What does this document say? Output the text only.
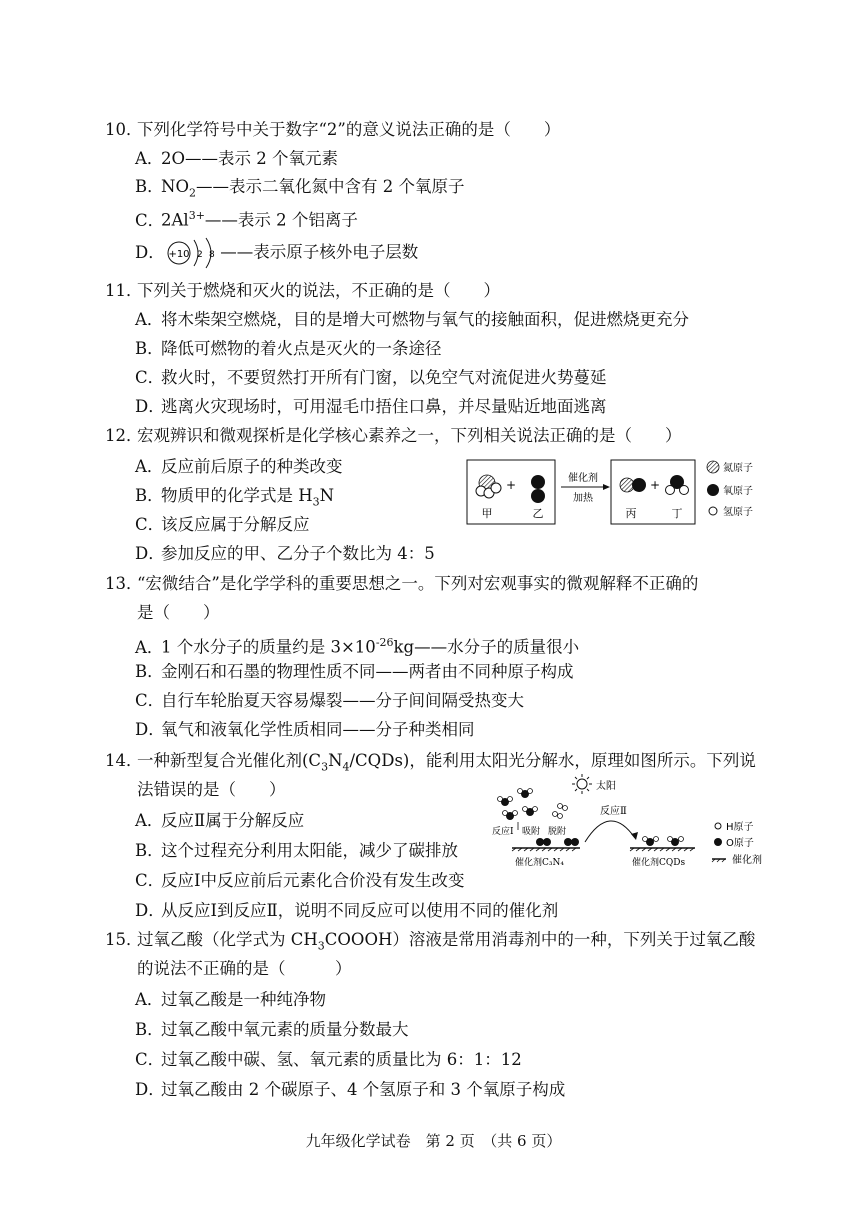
10．下列化学符号中关于数字“2”的意义说法正确的是（　　）
A．2O——表示 2 个氧元素
B．$NO_2——$表示二氧化氮中含有 2 个氧原子
C．$2Al^{3+}——$表示 2 个铝离子
D． +10 2 8 ——表示原子核外电子层数
11．下列关于燃烧和灭火的说法，不正确的是（　　）
A．将木柴架空燃烧，目的是增大可燃物与氧气的接触面积，促进燃烧更充分
B．降低可燃物的着火点是灭火的一条途径
C．救火时，不要贸然打开所有门窗，以免空气对流促进火势蔓延
D．逃离火灾现场时，可用湿毛巾捂住口鼻，并尽量贴近地面逃离
12．宏观辨识和微观探析是化学核心素养之一，下列相关说法正确的是（　　）
A．反应前后原子的种类改变
B．物质甲的化学式是 $H_3N$
C．该反应属于分解反应
D．参加反应的甲、乙分子个数比为 4：5
+
甲	乙
催化剂
加热
+
丙	丁
氮原子
氧原子
氢原子
13．“宏微结合”是化学学科的重要思想之一。下列对宏观事实的微观解释不正确的
是（　　）
A．1 个水分子的质量约是 $3\times 10^{-26}kg——$水分子的质量很小
B．金刚石和石墨的物理性质不同——两者由不同种原子构成
C．自行车轮胎夏天容易爆裂——分子间间隔受热变大
D．氧气和液氧化学性质相同——分子种类相同
14．一种新型复合光催化剂$(C_3N_4/CQDs)$，能利用太阳光分解水，原理如图所示。下列说
法错误的是（　　）
A．反应Ⅱ属于分解反应
B．这个过程充分利用太阳能，减少了碳排放
C．反应Ⅰ中反应前后元素化合价没有发生改变
D．从反应Ⅰ到反应Ⅱ，说明不同反应可以使用不同的催化剂
太阳
反应Ⅰ 吸附 脱附
催化剂C₃N₄
反应Ⅱ
催化剂CQDs
H原子
O原子
催化剂
15．过氧乙酸（化学式为 $CH_3COOOH$）溶液是常用消毒剂中的一种，下列关于过氧乙酸
的说法不正确的是（　　　）
A．过氧乙酸是一种纯净物
B．过氧乙酸中氧元素的质量分数最大
C．过氧乙酸中碳、氢、氧元素的质量比为 6：1：12
D．过氧乙酸由 2 个碳原子、4 个氢原子和 3 个氧原子构成
九年级化学试卷　第 2 页　（共 6 页）
